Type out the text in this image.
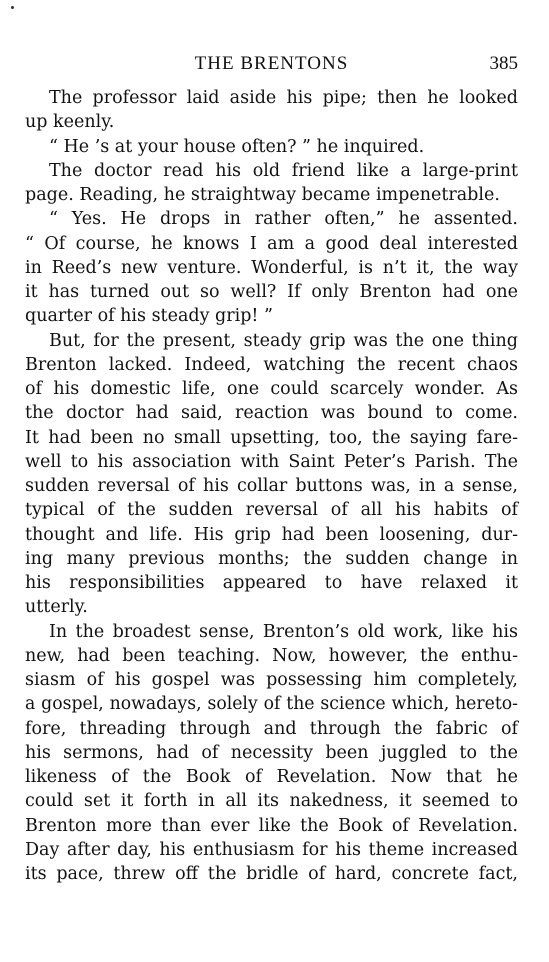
THE BRENTONS	385
The professor laid aside his pipe; then he looked
up keenly.
“ He ’s at your house often? ” he inquired.
The doctor read his old friend like a large-print
page. Reading, he straightway became impenetrable.
“ Yes. He drops in rather often,” he assented.
“ Of course, he knows I am a good deal interested
in Reed’s new venture. Wonderful, is n’t it, the way
it has turned out so well? If only Brenton had one
quarter of his steady grip! ”
But, for the present, steady grip was the one thing
Brenton lacked. Indeed, watching the recent chaos
of his domestic life, one could scarcely wonder. As
the doctor had said, reaction was bound to come.
It had been no small upsetting, too, the saying fare-
well to his association with Saint Peter’s Parish. The
sudden reversal of his collar buttons was, in a sense,
typical of the sudden reversal of all his habits of
thought and life. His grip had been loosening, dur-
ing many previous months; the sudden change in
his responsibilities appeared to have relaxed it
utterly.
In the broadest sense, Brenton’s old work, like his
new, had been teaching. Now, however, the enthu-
siasm of his gospel was possessing him completely,
a gospel, nowadays, solely of the science which, hereto-
fore, threading through and through the fabric of
his sermons, had of necessity been juggled to the
likeness of the Book of Revelation. Now that he
could set it forth in all its nakedness, it seemed to
Brenton more than ever like the Book of Revelation.
Day after day, his enthusiasm for his theme increased
its pace, threw off the bridle of hard, concrete fact,
